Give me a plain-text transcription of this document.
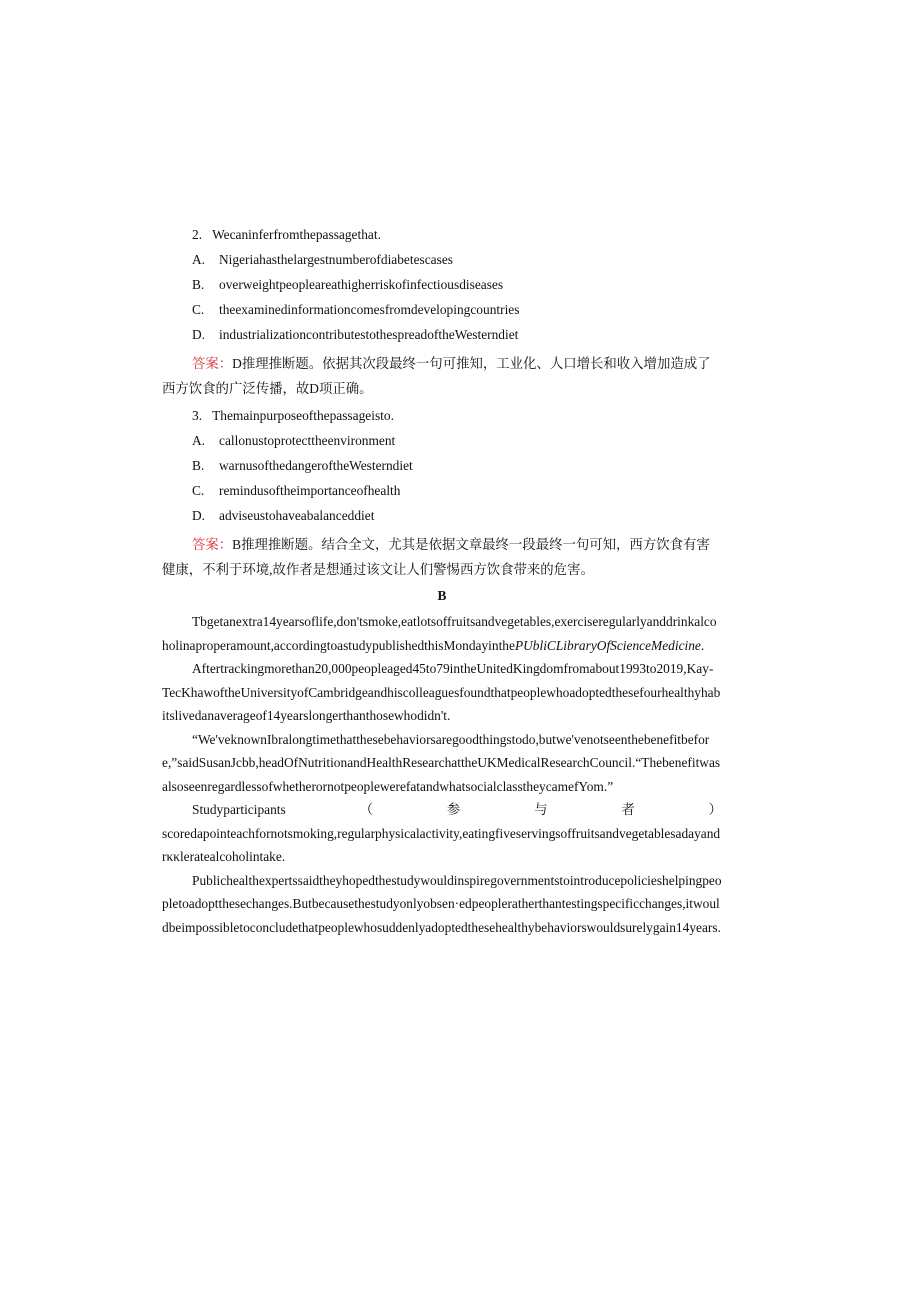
2.   Wecaninferfromthepassagethat.
A. Nigeriahasthelargestnumberofdiabetescases
B. overweightpeopleareathigherriskofinfectiousdiseases
C. theexaminedinformationcomesfromdevelopingcountries
D. industrializationcontributestothespreadoftheWesterndiet
答案：D推理推断题。依据其次段最终一句可推知，工业化、人口增长和收入增加造成了西方饮食的广泛传播，故D项正确。
3.   Themainpurposeofthepassageisto.
A. callonustoprotecttheenvironment
B. warnusofthedangeroftheWesterndiet
C. remindusoftheimportanceofhealth
D. adviseustohaveabalanceddiet
答案：B推理推断题。结合全文，尤其是依据文章最终一段最终一句可知，西方饮食有害健康，不利于环境,故作者是想通过该文让人们警惕西方饮食带来的危害。
B

Tbgetanextra14yearsoflife,don'tsmoke,eatlotsoffruitsandvegetables,exerciseregularlyanddrinkalcoholinaproperamount,accordingtoastudypublishedthisMondayinthePUbliCLibraryOfScienceMedicine.

Aftertrackingmorethan20,000peopleaged45to79intheUnitedKingdomfromabout1993to2019,Kay-

TecKhawoftheUniversityofCambridgeandhiscolleaguesfoundthatpeoplewhoadoptedthesefourhealthyhabitslivedanaverageof14yearslongerthanthosewhodidn't.

“We'veknownIbralongtimethatthesebehaviorsaregoodthingstodo,butwe'venotseenthebenefitbefore,”saidSusanJcbb,headOfNutritionandHealthResearchattheUKMedicalResearchCouncil.“ThebenefitwasalsoseenregardlessofwhetherornotpeoplewerefatandwhatsocialclasstheycamefYom.”

Studyparticipants	（	参	与	者	）

scoredapointeachfornotsmoking,regularphysicalactivity,eatingfiveservingsoffruitsandvegetablesadayandrκκleratealcoholintake.

Publichealthexpertssaidtheyhopedthestudywouldinspiregovernmentstointroducepolicieshelpingpeopletoadoptthesechanges.Butbecausethestudyonlyobsen·edpeopleratherthantestingspecificchanges,itwouldbeimpossibletoconcludethatpeoplewhosuddenlyadoptedthesehealthybehaviorswouldsurelygain14years.
